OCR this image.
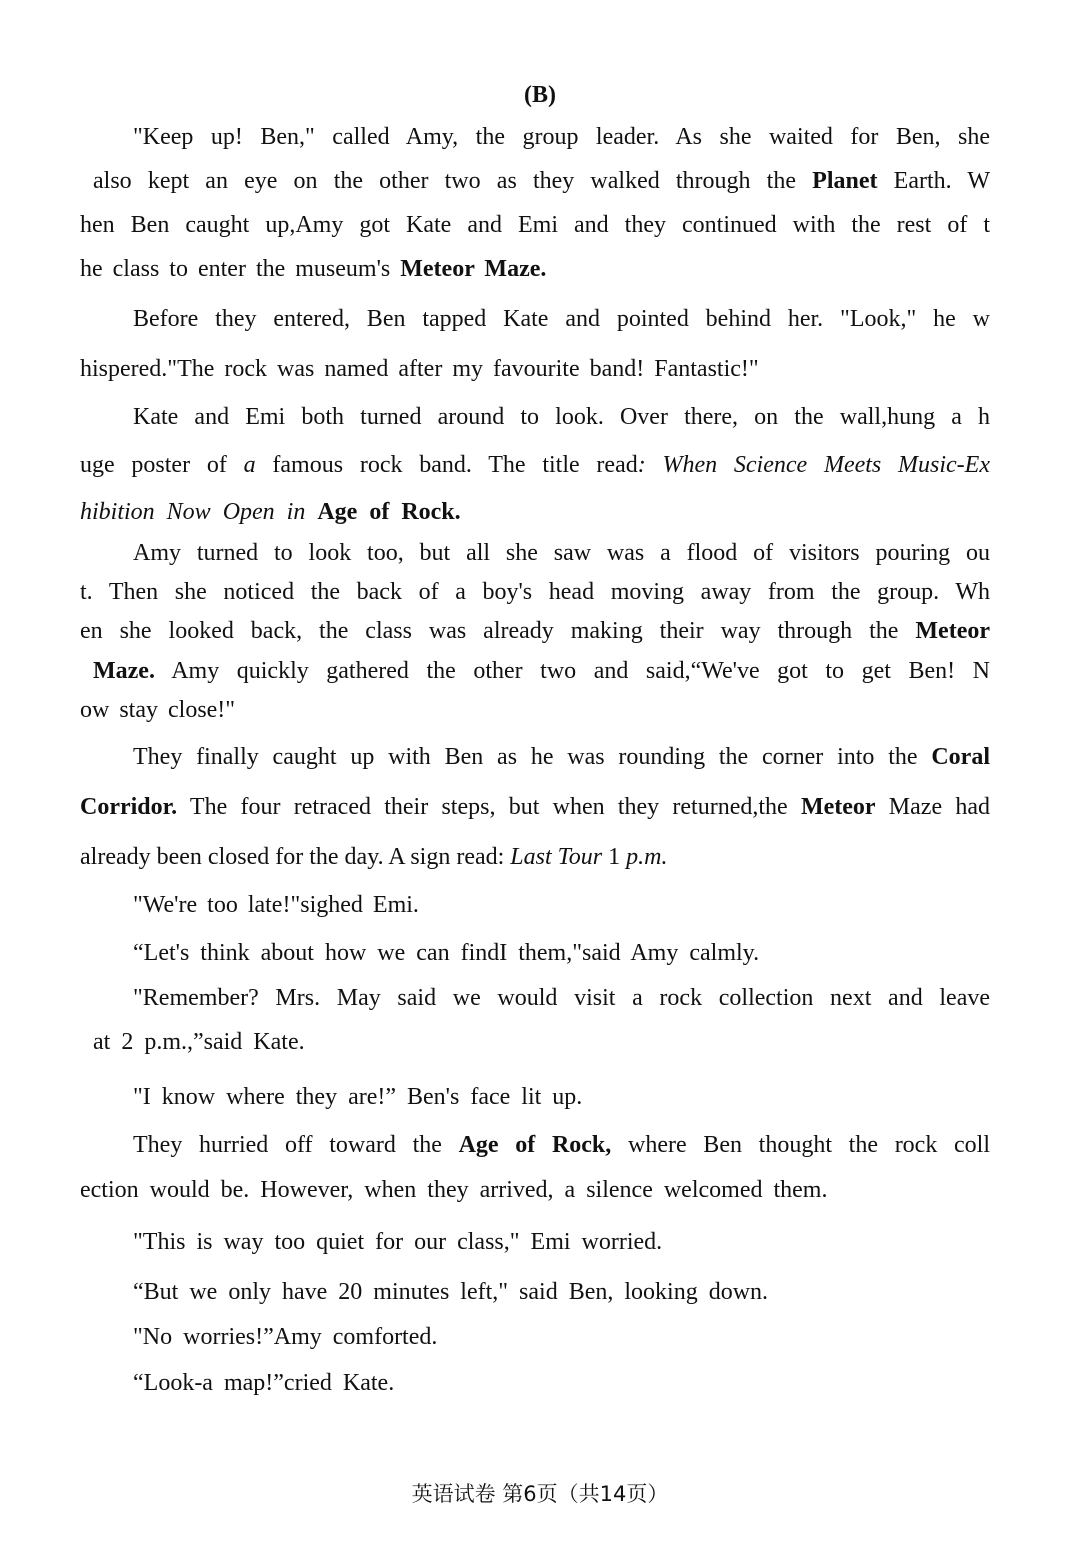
(B)
"Keep up! Ben," called Amy, the group leader. As she waited for Ben, she
also kept an eye on the other two as they walked through the Planet Earth. W
hen Ben caught up,Amy got Kate and Emi and they continued with the rest of t
he class to enter the museum's Meteor Maze.
Before they entered, Ben tapped Kate and pointed behind her. "Look," he w
hispered."The rock was named after my favourite band! Fantastic!"
Kate and Emi both turned around to look. Over there, on the wall,hung a h
uge poster of a famous rock band. The title read: When Science Meets Music-Ex
hibition Now Open in Age of Rock.
Amy turned to look too, but all she saw was a flood of visitors pouring ou
t. Then she noticed the back of a boy's head moving away from the group. Wh
en she looked back, the class was already making their way through the Meteor
Maze. Amy quickly gathered the other two and said,“We've got to get Ben! N
ow stay close!"
They finally caught up with Ben as he was rounding the corner into the Coral
Corridor. The four retraced their steps, but when they returned,the Meteor Maze had
already been closed for the day. A sign read: Last Tour 1 p.m.
"We're too late!"sighed Emi.
“Let's think about how we can findI them,"said Amy calmly.
"Remember? Mrs. May said we would visit a rock collection next and leave
at 2 p.m.,”said Kate.
"I know where they are!” Ben's face lit up.
They hurried off toward the Age of Rock, where Ben thought the rock coll
ection would be. However, when they arrived, a silence welcomed them.
"This is way too quiet for our class," Emi worried.
“But we only have 20 minutes left," said Ben, looking down.
"No worries!”Amy comforted.
“Look-a map!”cried Kate.
英语试卷 第6页（共14页）
